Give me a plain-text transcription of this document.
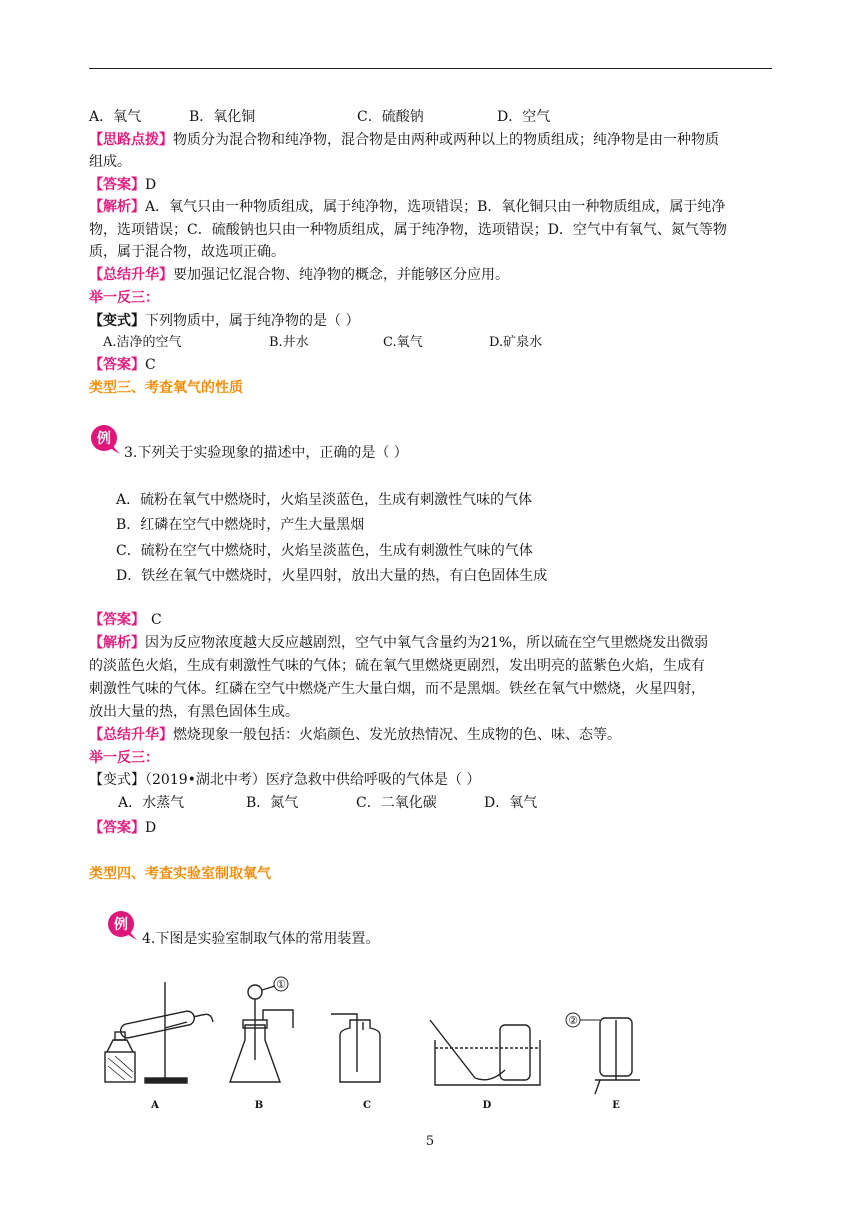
A．氧气	B．氧化铜	C．硫酸钠	D．空气
【思路点拨】物质分为混合物和纯净物，混合物是由两种或两种以上的物质组成；纯净物是由一种物质
组成。
【答案】D
【解析】A．氧气只由一种物质组成，属于纯净物，选项错误；B．氧化铜只由一种物质组成，属于纯净
物，选项错误；C．硫酸钠也只由一种物质组成，属于纯净物，选项错误；D．空气中有氧气、氮气等物
质，属于混合物，故选项正确。
【总结升华】要加强记忆混合物、纯净物的概念，并能够区分应用。
举一反三：
【变式】下列物质中，属于纯净物的是（ ）
A.洁净的空气	B.井水	C.氧气	D.矿泉水
【答案】C
类型三、考查氧气的性质
例
3.下列关于实验现象的描述中，正确的是（ ）
A．硫粉在氧气中燃烧时，火焰呈淡蓝色，生成有刺激性气味的气体
B．红磷在空气中燃烧时，产生大量黑烟
C．硫粉在空气中燃烧时，火焰呈淡蓝色，生成有刺激性气味的气体
D．铁丝在氧气中燃烧时，火星四射，放出大量的热，有白色固体生成
【答案】 C
【解析】因为反应物浓度越大反应越剧烈，空气中氧气含量约为21%，所以硫在空气里燃烧发出微弱
的淡蓝色火焰，生成有刺激性气味的气体；硫在氧气里燃烧更剧烈，发出明亮的蓝紫色火焰，生成有
刺激性气味的气体。红磷在空气中燃烧产生大量白烟，而不是黑烟。铁丝在氧气中燃烧，火星四射，
放出大量的热，有黑色固体生成。
【总结升华】燃烧现象一般包括：火焰颜色、发光放热情况、生成物的色、味、态等。
举一反三：
【变式】（2019•湖北中考）医疗急救中供给呼吸的气体是（ ）
A．水蒸气	B．氮气	C．二氧化碳	D．氧气
【答案】D
类型四、考查实验室制取氧气
例
4.下图是实验室制取气体的常用装置。
①
②
A	B	C	D	E
5
